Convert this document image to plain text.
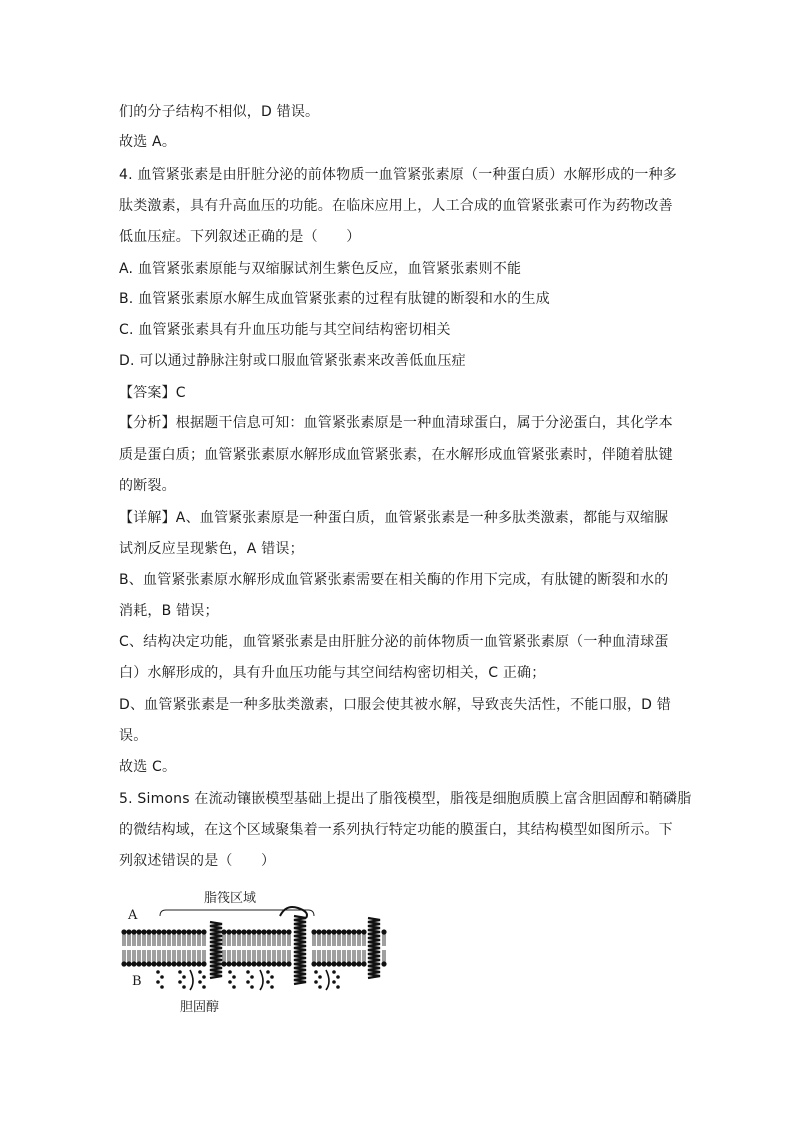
们的分子结构不相似，D 错误。
故选 A。
4. 血管紧张素是由肝脏分泌的前体物质一血管紧张素原（一种蛋白质）水解形成的一种多
肽类激素，具有升高血压的功能。在临床应用上，人工合成的血管紧张素可作为药物改善
低血压症。下列叙述正确的是（　　）
A. 血管紧张素原能与双缩脲试剂生紫色反应，血管紧张素则不能
B. 血管紧张素原水解生成血管紧张素的过程有肽键的断裂和水的生成
C. 血管紧张素具有升血压功能与其空间结构密切相关
D. 可以通过静脉注射或口服血管紧张素来改善低血压症
【答案】C
【分析】根据题干信息可知：血管紧张素原是一种血清球蛋白，属于分泌蛋白，其化学本
质是蛋白质；血管紧张素原水解形成血管紧张素，在水解形成血管紧张素时，伴随着肽键
的断裂。
【详解】A、血管紧张素原是一种蛋白质，血管紧张素是一种多肽类激素，都能与双缩脲
试剂反应呈现紫色，A 错误；
B、血管紧张素原水解形成血管紧张素需要在相关酶的作用下完成，有肽键的断裂和水的
消耗，B 错误；
C、结构决定功能，血管紧张素是由肝脏分泌的前体物质一血管紧张素原（一种血清球蛋
白）水解形成的，具有升血压功能与其空间结构密切相关，C 正确；
D、血管紧张素是一种多肽类激素，口服会使其被水解，导致丧失活性，不能口服，D 错
误。
故选 C。
5. Simons 在流动镶嵌模型基础上提出了脂筏模型，脂筏是细胞质膜上富含胆固醇和鞘磷脂
的微结构域，在这个区域聚集着一系列执行特定功能的膜蛋白，其结构模型如图所示。下
列叙述错误的是（　　）
脂筏区域
A
B
胆固醇
